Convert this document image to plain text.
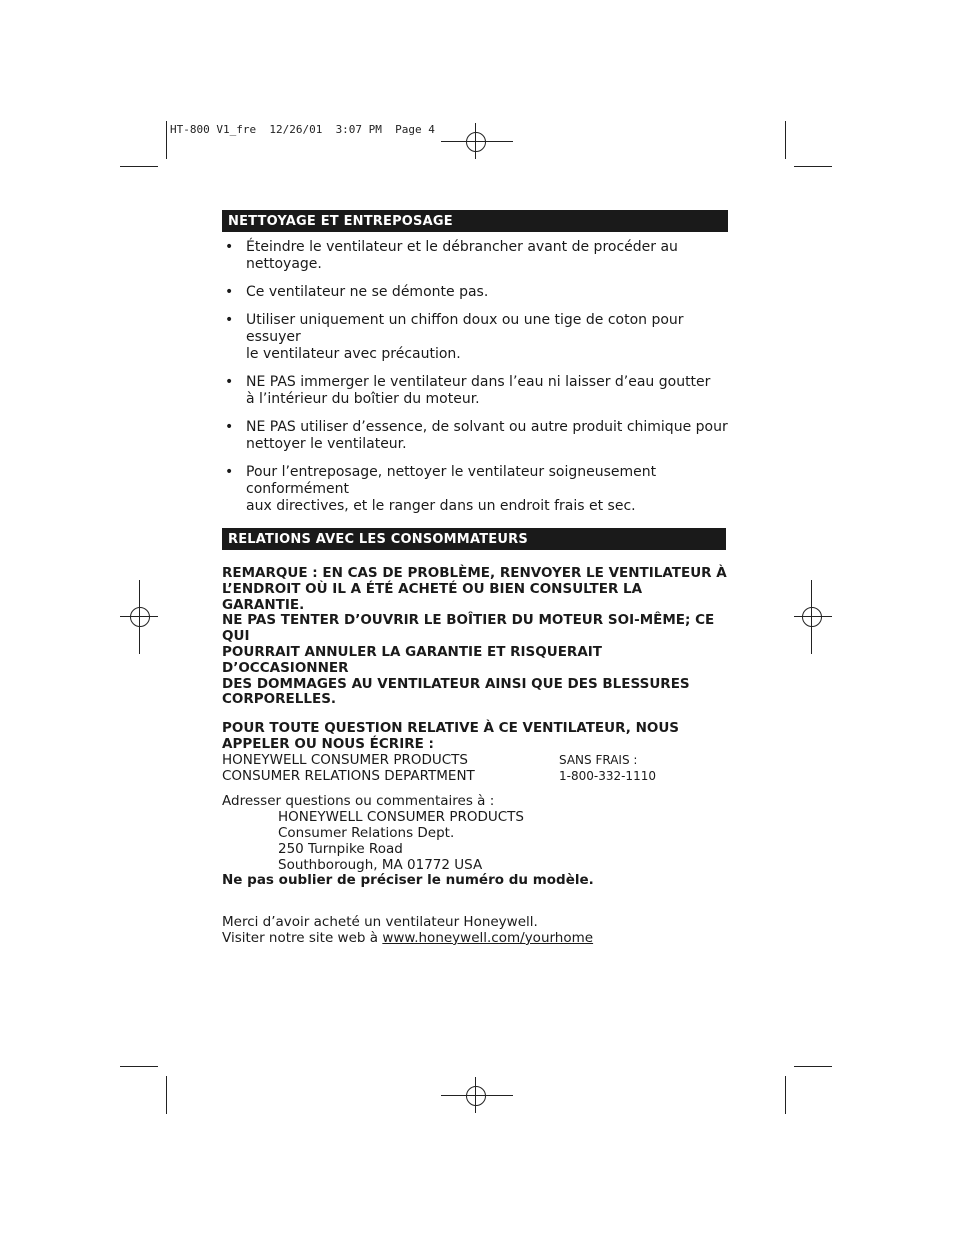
HT-800 V1_fre  12/26/01  3:07 PM  Page 4
NETTOYAGE ET ENTREPOSAGE
• Éteindre le ventilateur et le débrancher avant de procéder au nettoyage.
• Ce ventilateur ne se démonte pas.
• Utiliser uniquement un chiffon doux ou une tige de coton pour essuyer
le ventilateur avec précaution.
• NE PAS immerger le ventilateur dans l’eau ni laisser d’eau goutter
à l’intérieur du boîtier du moteur.
• NE PAS utiliser d’essence, de solvant ou autre produit chimique pour
nettoyer le ventilateur.
• Pour l’entreposage, nettoyer le ventilateur soigneusement conformément
aux directives, et le ranger dans un endroit frais et sec.
RELATIONS AVEC LES CONSOMMATEURS
REMARQUE : EN CAS DE PROBLÈME, RENVOYER LE VENTILATEUR À
L’ENDROIT OÙ IL A ÉTÉ ACHETÉ OU BIEN CONSULTER LA GARANTIE.
NE PAS TENTER D’OUVRIR LE BOÎTIER DU MOTEUR SOI-MÊME; CE QUI
POURRAIT ANNULER LA GARANTIE ET RISQUERAIT D’OCCASIONNER
DES DOMMAGES AU VENTILATEUR AINSI QUE DES BLESSURES
CORPORELLES.
POUR TOUTE QUESTION RELATIVE À CE VENTILATEUR, NOUS
APPELER OU NOUS ÉCRIRE :
HONEYWELL CONSUMER PRODUCTS	SANS FRAIS :
CONSUMER RELATIONS DEPARTMENT	1-800-332-1110
Adresser questions ou commentaires à :
HONEYWELL CONSUMER PRODUCTS
Consumer Relations Dept.
250 Turnpike Road
Southborough, MA 01772 USA
Ne pas oublier de préciser le numéro du modèle.
Merci d’avoir acheté un ventilateur Honeywell.
Visiter notre site web à www.honeywell.com/yourhome
